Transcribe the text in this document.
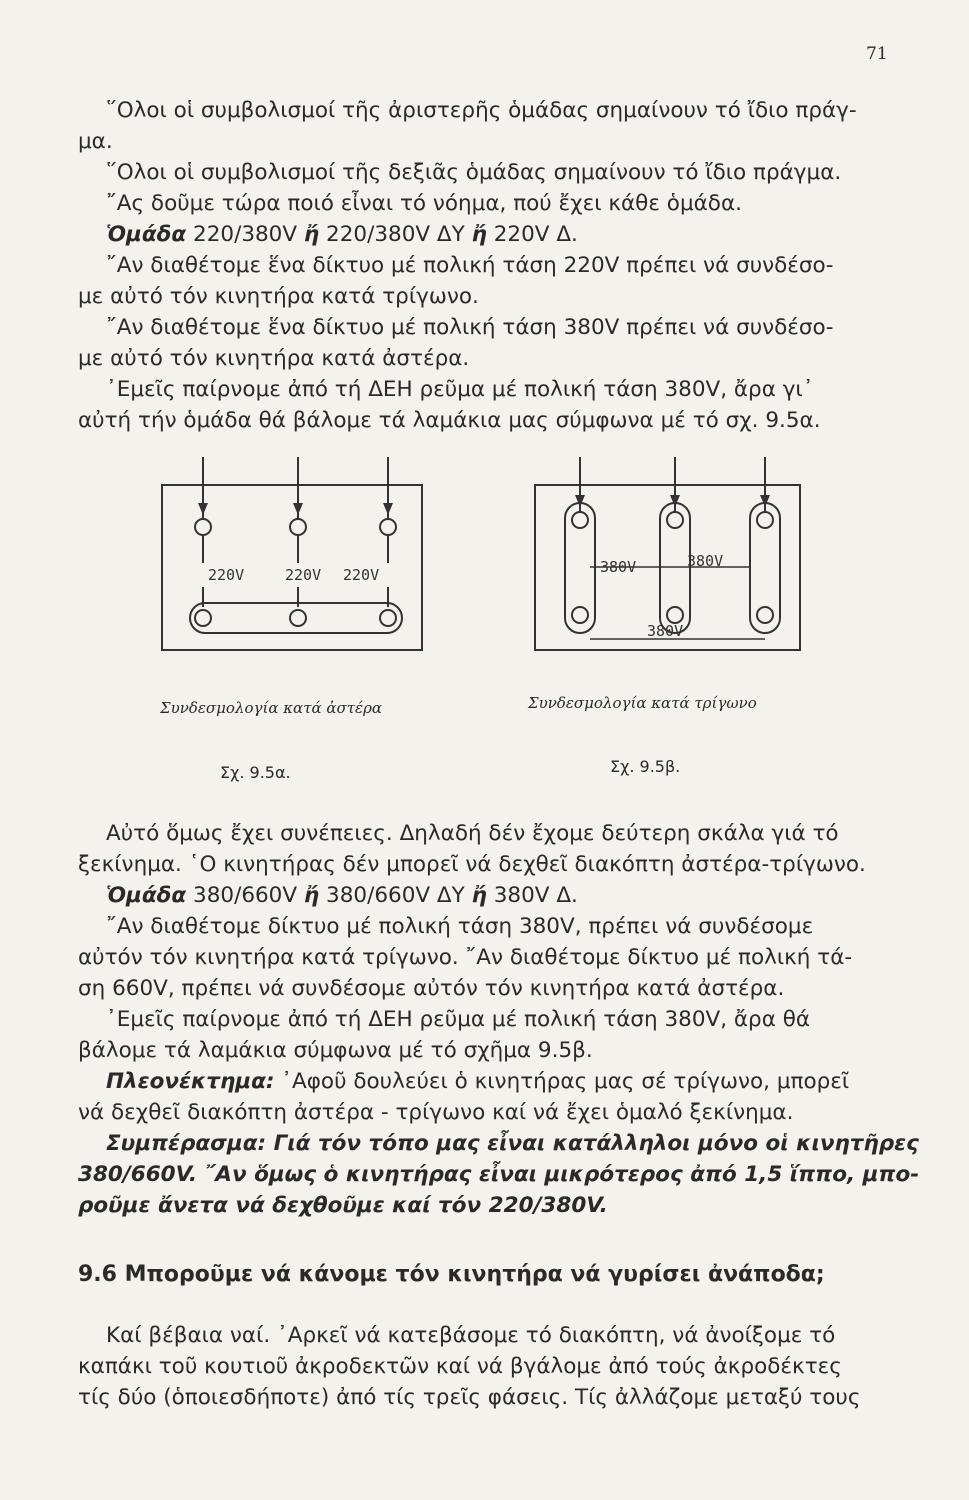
71
῞Ολοι οἱ συμβολισμοί τῆς ἀριστερῆς ὁμάδας σημαίνουν τό ἴδιο πράγ-
μα.
῞Ολοι οἱ συμβολισμοί τῆς δεξιᾶς ὁμάδας σημαίνουν τό ἴδιο πράγμα.
῎Ας δοῦμε τώρα ποιό εἶναι τό νόημα, πού ἔχει κάθε ὁμάδα.
Ὁμάδα 220/380V ἤ 220/380V ΔΥ ἤ 220V Δ.
῎Αν διαθέτομε ἕνα δίκτυο μέ πολική τάση 220V πρέπει νά συνδέσο-
με αὐτό τόν κινητήρα κατά τρίγωνο.
῎Αν διαθέτομε ἕνα δίκτυο μέ πολική τάση 380V πρέπει νά συνδέσο-
με αὐτό τόν κινητήρα κατά ἀστέρα.
᾿Εμεῖς παίρνομε ἀπό τή ΔΕΗ ρεῦμα μέ πολική τάση 380V, ἄρα γι᾿
αὐτή τήν ὁμάδα θά βάλομε τά λαμάκια μας σύμφωνα μέ τό σχ. 9.5α.
220V	220V 220V	380V	380V
380V
Συνδεσμολογία κατά ἀστέρα	Συνδεσμολογία κατά τρίγωνο
Σχ. 9.5α.	Σχ. 9.5β.
Αὐτό ὅμως ἔχει συνέπειες. Δηλαδή δέν ἔχομε δεύτερη σκάλα γιά τό
ξεκίνημα. ῾Ο κινητήρας δέν μπορεῖ νά δεχθεῖ διακόπτη ἀστέρα-τρίγωνο.
Ὁμάδα 380/660V ἤ 380/660V ΔΥ ἤ 380V Δ.
῎Αν διαθέτομε δίκτυο μέ πολική τάση 380V, πρέπει νά συνδέσομε
αὐτόν τόν κινητήρα κατά τρίγωνο. ῎Αν διαθέτομε δίκτυο μέ πολική τά-
ση 660V, πρέπει νά συνδέσομε αὐτόν τόν κινητήρα κατά ἀστέρα.
᾿Εμεῖς παίρνομε ἀπό τή ΔΕΗ ρεῦμα μέ πολική τάση 380V, ἄρα θά
βάλομε τά λαμάκια σύμφωνα μέ τό σχῆμα 9.5β.
Πλεονέκτημα: ᾿Αφοῦ δουλεύει ὁ κινητήρας μας σέ τρίγωνο, μπορεῖ
νά δεχθεῖ διακόπτη ἀστέρα - τρίγωνο καί νά ἔχει ὁμαλό ξεκίνημα.
Συμπέρασμα: Γιά τόν τόπο μας εἶναι κατάλληλοι μόνο οἱ κινητῆρες
380/660V. ῎Αν ὅμως ὁ κινητήρας εἶναι μικρότερος ἀπό 1,5 ἵππο, μπο-
ροῦμε ἄνετα νά δεχθοῦμε καί τόν 220/380V.
9.6 Μποροῦμε νά κάνομε τόν κινητήρα νά γυρίσει ἀνάποδα;
Καί βέβαια ναί. ᾿Αρκεῖ νά κατεβάσομε τό διακόπτη, νά ἀνοίξομε τό
καπάκι τοῦ κουτιοῦ ἀκροδεκτῶν καί νά βγάλομε ἀπό τούς ἀκροδέκτες
τίς δύο (ὁποιεσδήποτε) ἀπό τίς τρεῖς φάσεις. Τίς ἀλλάζομε μεταξύ τους
